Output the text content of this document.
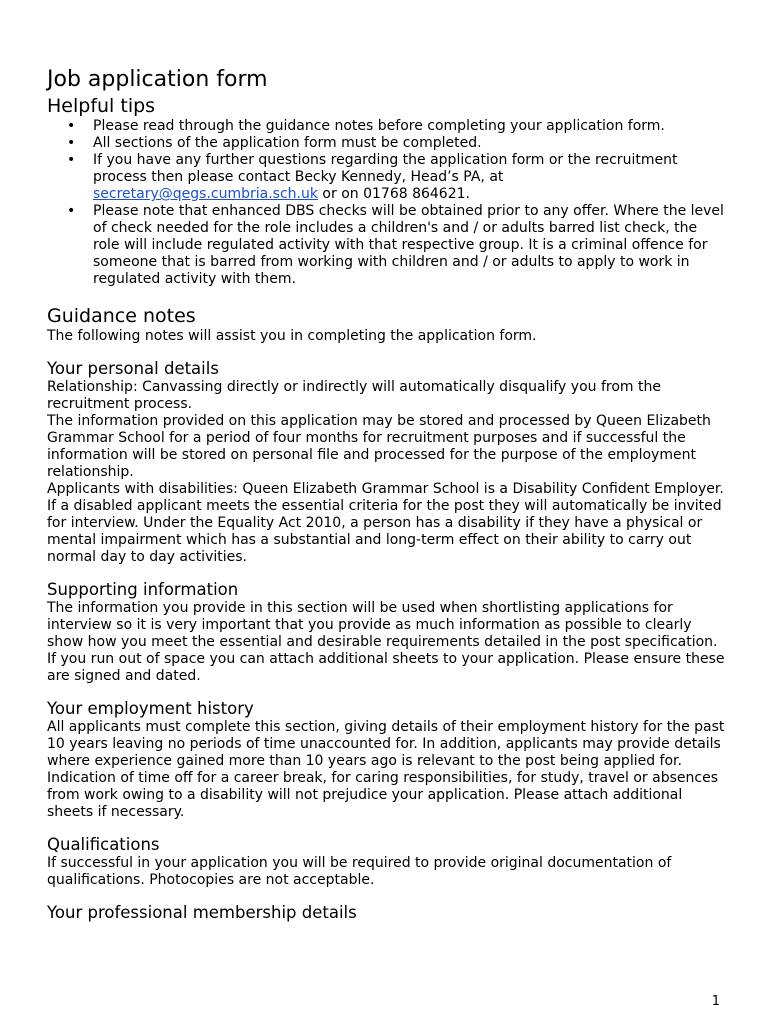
Job application form
Helpful tips
• Please read through the guidance notes before completing your application form.
• All sections of the application form must be completed.
• If you have any further questions regarding the application form or the recruitment process then please contact Becky Kennedy, Head’s PA, at secretary@qegs.cumbria.sch.uk or on 01768 864621.
• Please note that enhanced DBS checks will be obtained prior to any offer. Where the level of check needed for the role includes a children's and / or adults barred list check, the role will include regulated activity with that respective group. It is a criminal offence for someone that is barred from working with children and / or adults to apply to work in regulated activity with them.
Guidance notes

The following notes will assist you in completing the application form.

Your personal details

Relationship: Canvassing directly or indirectly will automatically disqualify you from the recruitment process.

The information provided on this application may be stored and processed by Queen Elizabeth Grammar School for a period of four months for recruitment purposes and if successful the information will be stored on personal file and processed for the purpose of the employment relationship.

Applicants with disabilities: Queen Elizabeth Grammar School is a Disability Confident Employer. If a disabled applicant meets the essential criteria for the post they will automatically be invited for interview. Under the Equality Act 2010, a person has a disability if they have a physical or mental impairment which has a substantial and long-term effect on their ability to carry out normal day to day activities.

Supporting information

The information you provide in this section will be used when shortlisting applications for interview so it is very important that you provide as much information as possible to clearly show how you meet the essential and desirable requirements detailed in the post specification. If you run out of space you can attach additional sheets to your application. Please ensure these are signed and dated.

Your employment history

All applicants must complete this section, giving details of their employment history for the past 10 years leaving no periods of time unaccounted for. In addition, applicants may provide details where experience gained more than 10 years ago is relevant to the post being applied for. Indication of time off for a career break, for caring responsibilities, for study, travel or absences from work owing to a disability will not prejudice your application. Please attach additional sheets if necessary.

Qualifications

If successful in your application you will be required to provide original documentation of qualifications. Photocopies are not acceptable.

Your professional membership details
1
